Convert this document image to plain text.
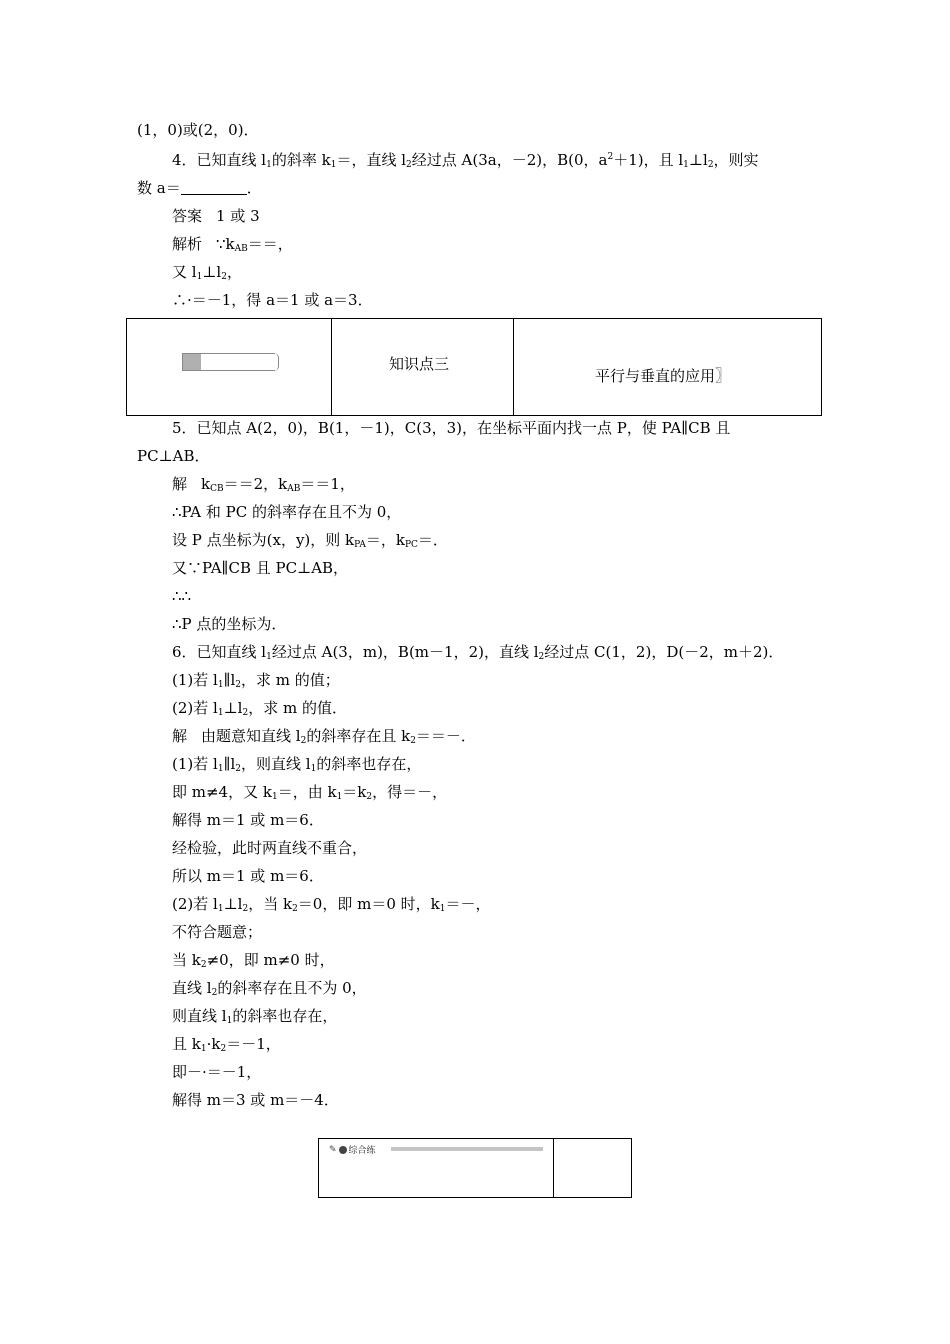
(1，0)或(2，0)．
4．已知直线 $l_1$的斜率 $k_1=$，直线 $l_2$经过点 A(3a，－2)，B(0，$a^2+1$)，且 $l_1\perp l_2$，则实
数 a＝	．
答案 1 或 3
解析 $\because k_{AB}==$，
又 $l_1\perp l_2$，
∴·＝－1，得 a＝1 或 a＝3．
知识点三
平行与垂直的应用〗
5．已知点 A(2，0)，B(1，－1)，C(3，3)，在坐标平面内找一点 P，使 PA∥CB 且
PC⊥AB．
解 $k_{CB}==2$，$k_{AB}==1$，
∴PA 和 PC 的斜率存在且不为 0，
设 P 点坐标为(x，y)，则 $k_{PA}=$，$k_{PC}=$．
又∵PA∥CB 且 PC⊥AB，
∴∴
∴P 点的坐标为．
6．已知直线 $l_1$经过点 A(3，m)，B(m－1，2)，直线 $l_2$经过点 C(1，2)，D(－2，m＋2)．
(1)若 $l_1\parallel l_2$，求 m 的值；
(2)若 $l_1\perp l_2$，求 m 的值．
解 由题意知直线 $l_2$的斜率存在且 $k_2==-$．
(1)若 $l_1\parallel l_2$，则直线 $l_1$的斜率也存在，
即 m≠4，又 $k_1=$，由 $k_1=k_2$，得＝－，
解得 m＝1 或 m＝6．
经检验，此时两直线不重合，
所以 m＝1 或 m＝6．
(2)若 $l_1\perp l_2$，当 $k_2=0$，即 m＝0 时，$k_1=-$，
不符合题意；
当 $k_2\ne 0$，即 m≠0 时，
直线 $l_2$的斜率存在且不为 0，
则直线 $l_1$的斜率也存在，
且 $k_1\cdot k_2=-1$，
即－·＝－1，
解得 m＝3 或 m＝－4．
✎ 综合练
